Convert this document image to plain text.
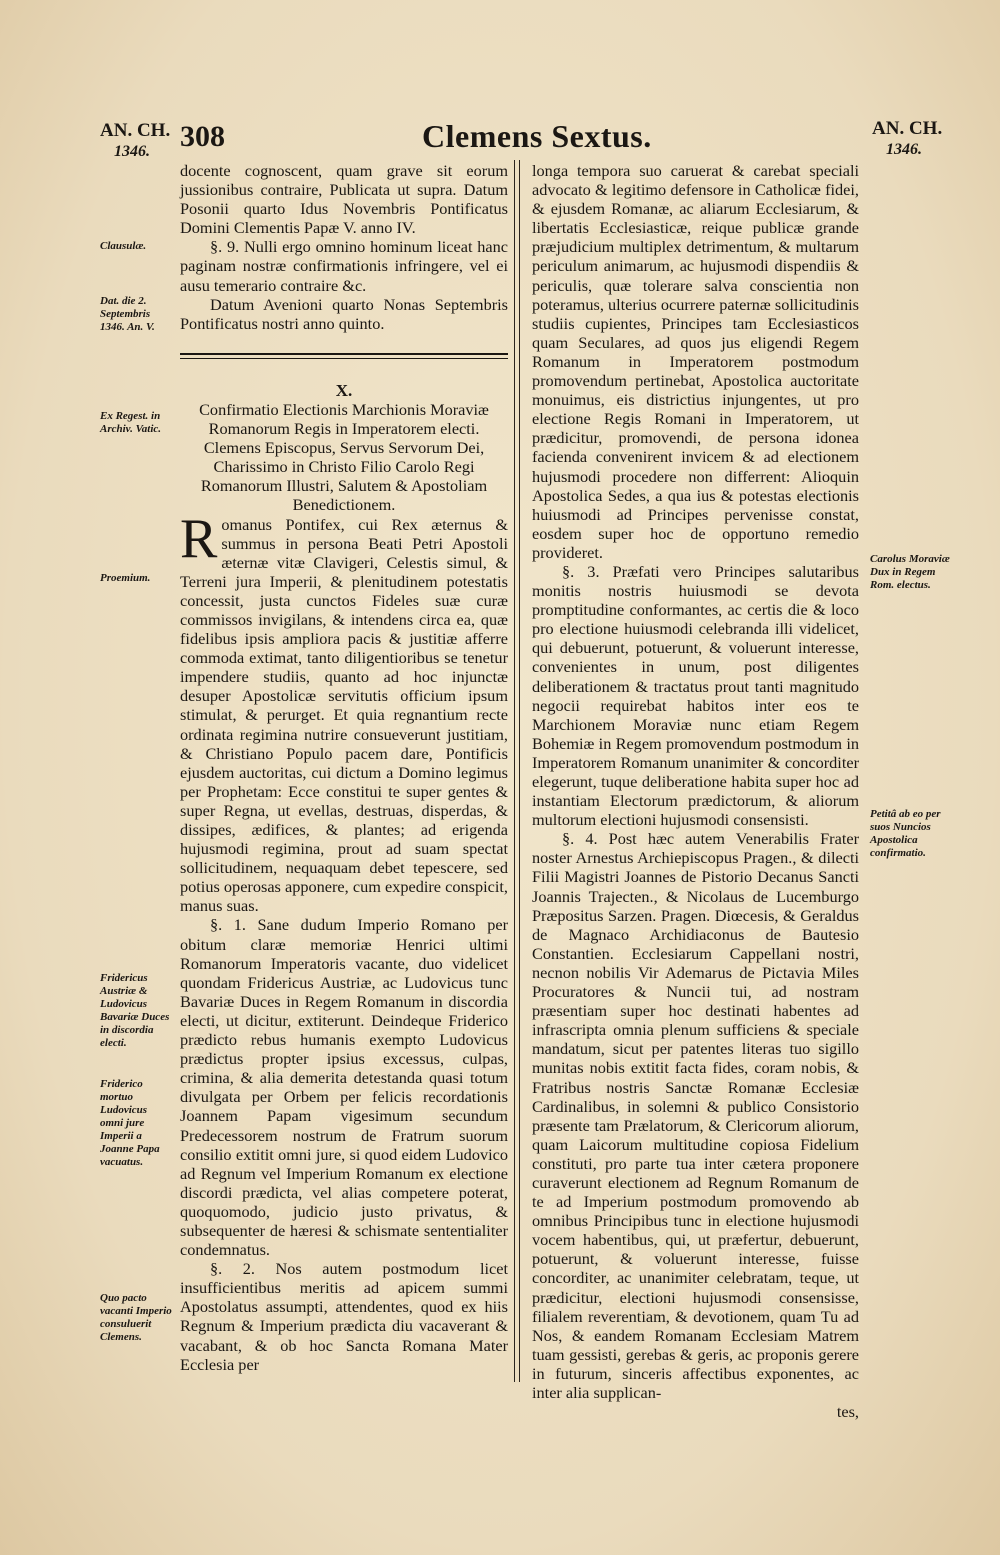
AN. CH.
1346.	308	Clemens Sextus.	AN. CH.
1346.
Clausulæ.
Dat. die 2. Septembris 1346. An. V.
Ex Regest. in Archiv. Vatic.
Proemium.
Fridericus Austriæ & Ludovicus Bavariæ Duces in discordia electi.
Friderico mortuo Ludovicus omni jure Imperii a Joanne Papa vacuatus.
Quo pacto vacanti Imperio consuluerit Clemens.
Carolus Moraviæ Dux in Regem Rom. electus.
Petitâ ab eo per suos Nuncios Apostolica confirmatio.

docente cognoscent, quam grave sit eorum jussionibus contraire, Publicata ut supra. Datum Posonii quarto Idus Novembris Pontificatus Domini Clementis Papæ V. anno IV.

§. 9. Nulli ergo omnino hominum liceat hanc paginam nostræ confirmationis infringere, vel ei ausu temerario contraire &c.

Datum Avenioni quarto Nonas Septembris Pontificatus nostri anno quinto.

X.

Confirmatio Electionis Marchionis Moraviæ Romanorum Regis in Imperatorem electi.

Clemens Episcopus, Servus Servorum Dei, Charissimo in Christo Filio Carolo Regi Romanorum Illustri, Salutem & Apostoliam Benedictionem.

Romanus Pontifex, cui Rex æternus & summus in persona Beati Petri Apostoli æternæ vitæ Clavigeri, Celestis simul, & Terreni jura Imperii, & plenitudinem potestatis concessit, justa cunctos Fideles suæ curæ commissos invigilans, & intendens circa ea, quæ fidelibus ipsis ampliora pacis & justitiæ afferre commoda extimat, tanto diligentioribus se tenetur impendere studiis, quanto ad hoc injunctæ desuper Apostolicæ servitutis officium ipsum stimulat, & perurget. Et quia regnantium recte ordinata regimina nutrire consueverunt justitiam, & Christiano Populo pacem dare, Pontificis ejusdem auctoritas, cui dictum a Domino legimus per Prophetam: Ecce constitui te super gentes & super Regna, ut evellas, destruas, disperdas, & dissipes, ædifices, & plantes; ad erigenda hujusmodi regimina, prout ad suam spectat sollicitudinem, nequaquam debet tepescere, sed potius operosas apponere, cum expedire conspicit, manus suas.

§. 1. Sane dudum Imperio Romano per obitum claræ memoriæ Henrici ultimi Romanorum Imperatoris vacante, duo videlicet quondam Fridericus Austriæ, ac Ludovicus tunc Bavariæ Duces in Regem Romanum in discordia electi, ut dicitur, extiterunt. Deindeque Friderico prædicto rebus humanis exempto Ludovicus prædictus propter ipsius excessus, culpas, crimina, & alia demerita detestanda quasi totum divulgata per Orbem per felicis recordationis Joannem Papam vigesimum secundum Predecessorem nostrum de Fratrum suorum consilio extitit omni jure, si quod eidem Ludovico ad Regnum vel Imperium Romanum ex electione discordi prædicta, vel alias competere poterat, quoquomodo, judicio justo privatus, & subsequenter de hæresi & schismate sententialiter condemnatus.

§. 2. Nos autem postmodum licet insufficientibus meritis ad apicem summi Apostolatus assumpti, attendentes, quod ex hiis Regnum & Imperium prædicta diu vacaverant & vacabant, & ob hoc Sancta Romana Mater Ecclesia per

longa tempora suo caruerat & carebat speciali advocato & legitimo defensore in Catholicæ fidei, & ejusdem Romanæ, ac aliarum Ecclesiarum, & libertatis Ecclesiasticæ, reique publicæ grande præjudicium multiplex detrimentum, & multarum periculum animarum, ac hujusmodi dispendiis & periculis, quæ tolerare salva conscientia non poteramus, ulterius ocurrere paternæ sollicitudinis studiis cupientes, Principes tam Ecclesiasticos quam Seculares, ad quos jus eligendi Regem Romanum in Imperatorem postmodum promovendum pertinebat, Apostolica auctoritate monuimus, eis districtius injungentes, ut pro electione Regis Romani in Imperatorem, ut prædicitur, promovendi, de persona idonea facienda convenirent invicem & ad electionem hujusmodi procedere non differrent: Alioquin Apostolica Sedes, a qua ius & potestas electionis huiusmodi ad Principes pervenisse constat, eosdem super hoc de opportuno remedio provideret.

§. 3. Præfati vero Principes salutaribus monitis nostris huiusmodi se devota promptitudine conformantes, ac certis die & loco pro electione huiusmodi celebranda illi videlicet, qui debuerunt, potuerunt, & voluerunt interesse, convenientes in unum, post diligentes deliberationem & tractatus prout tanti magnitudo negocii requirebat habitos inter eos te Marchionem Moraviæ nunc etiam Regem Bohemiæ in Regem promovendum postmodum in Imperatorem Romanum unanimiter & concorditer elegerunt, tuque deliberatione habita super hoc ad instantiam Electorum prædictorum, & aliorum multorum electioni hujusmodi consensisti.

§. 4. Post hæc autem Venerabilis Frater noster Arnestus Archiepiscopus Pragen., & dilecti Filii Magistri Joannes de Pistorio Decanus Sancti Joannis Trajecten., & Nicolaus de Lucemburgo Præpositus Sarzen. Pragen. Diœcesis, & Geraldus de Magnaco Archidiaconus de Bautesio Constantien. Ecclesiarum Cappellani nostri, necnon nobilis Vir Ademarus de Pictavia Miles Procuratores & Nuncii tui, ad nostram præsentiam super hoc destinati habentes ad infrascripta omnia plenum sufficiens & speciale mandatum, sicut per patentes literas tuo sigillo munitas nobis extitit facta fides, coram nobis, & Fratribus nostris Sanctæ Romanæ Ecclesiæ Cardinalibus, in solemni & publico Consistorio præsente tam Prælatorum, & Clericorum aliorum, quam Laicorum multitudine copiosa Fidelium constituti, pro parte tua inter cætera proponere curaverunt electionem ad Regnum Romanum de te ad Imperium postmodum promovendo ab omnibus Principibus tunc in electione hujusmodi vocem habentibus, qui, ut præfertur, debuerunt, potuerunt, & voluerunt interesse, fuisse concorditer, ac unanimiter celebratam, teque, ut prædicitur, electioni hujusmodi consensisse, filialem reverentiam, & devotionem, quam Tu ad Nos, & eandem Romanam Ecclesiam Matrem tuam gessisti, gerebas & geris, ac proponis gerere in futurum, sinceris affectibus exponentes, ac inter alia supplican-

tes,
